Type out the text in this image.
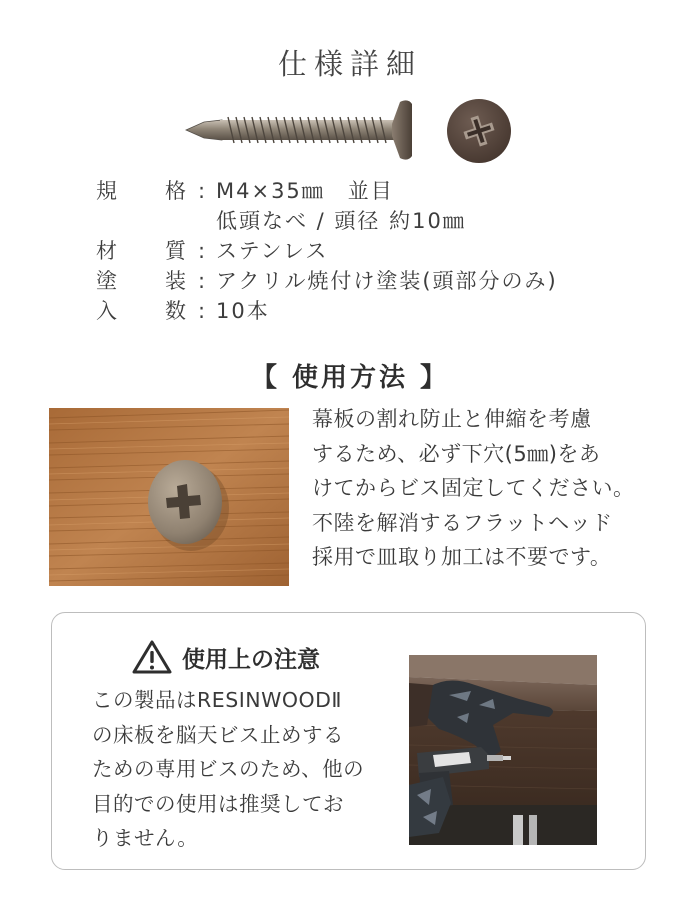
仕様詳細
規 格 : M4×35㎜　並目
低頭なべ / 頭径 約10㎜
材 質 : ステンレス
塗 装 : アクリル焼付け塗装(頭部分のみ)
入 数 : 10本
【 使用方法 】
幕板の割れ防止と伸縮を考慮
するため、必ず下穴(5㎜)をあ
けてからビス固定してください。
不陸を解消するフラットヘッド
採用で皿取り加工は不要です。
使用上の注意
この製品はRESINWOODⅡ
の床板を脳天ビス止めする
ための専用ビスのため、他の
目的での使用は推奨してお
りません。
